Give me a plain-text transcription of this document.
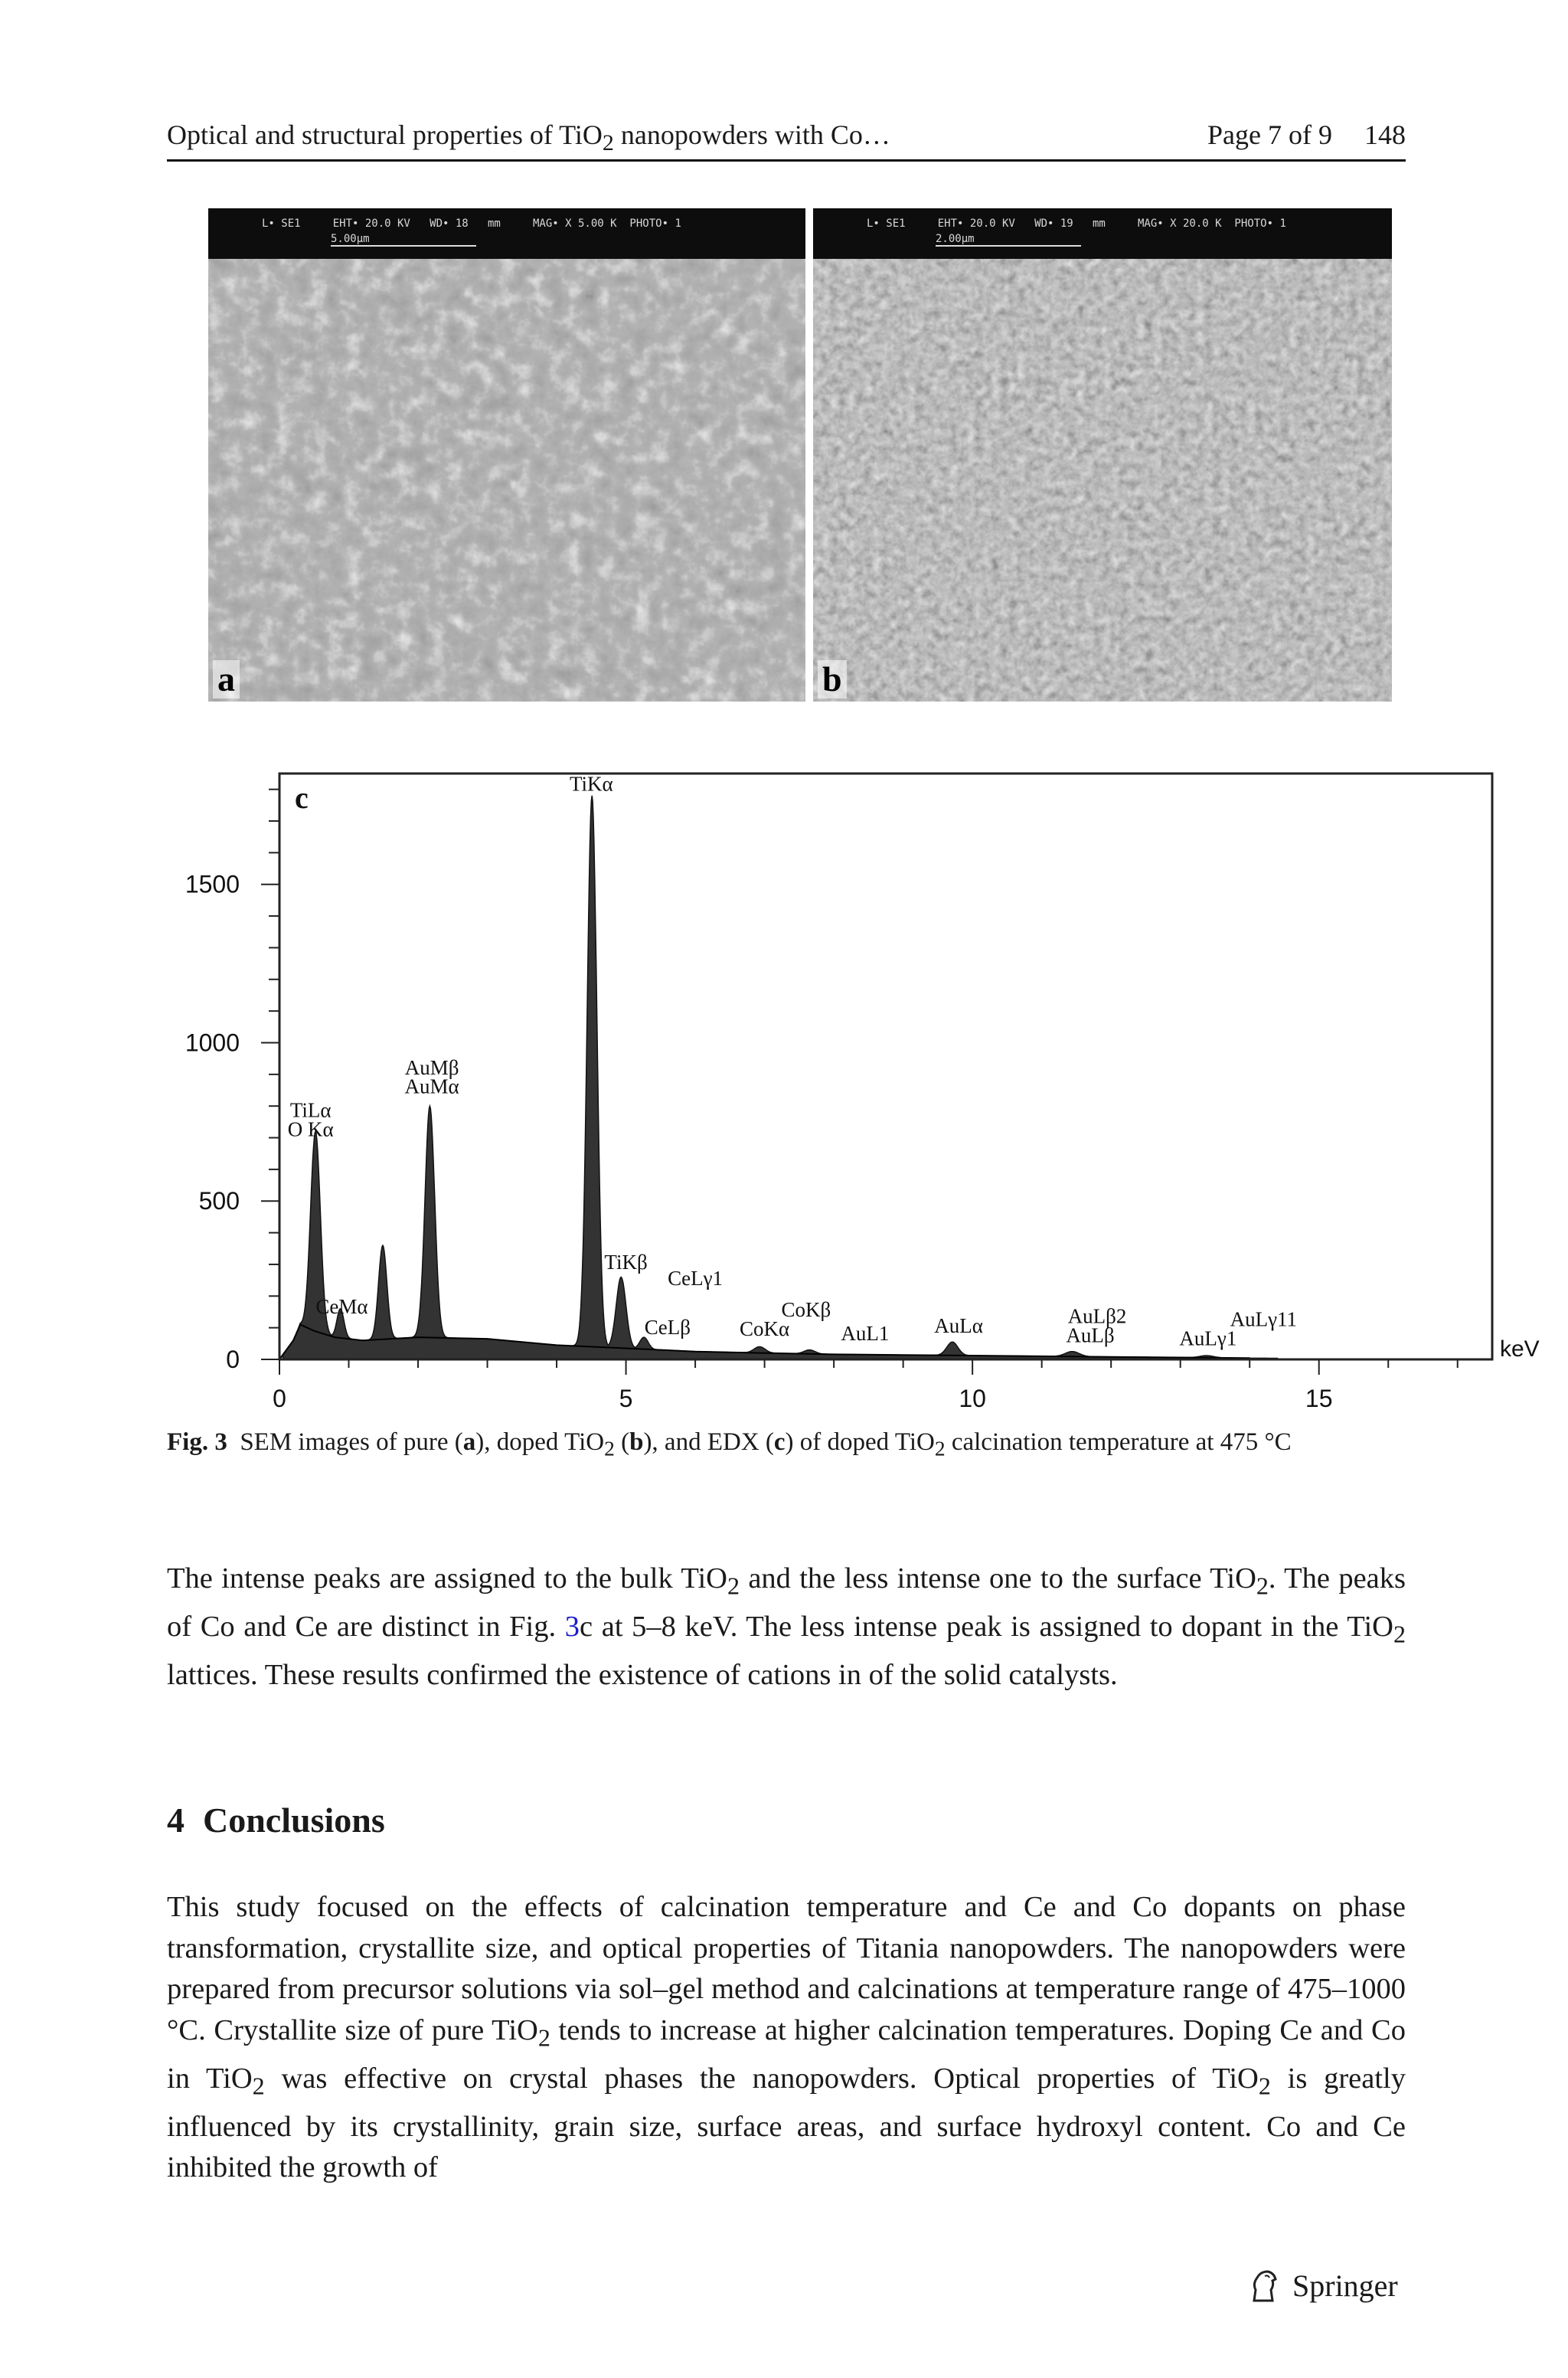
Optical and structural properties of TiO$_2$ nanopowders with Co…	Page 7 of 9 148
L• SE1     EHT• 20.0 KV   WD• 18   mm     MAG• X 5.00 K  PHOTO• 1
5.00µm
a
L• SE1     EHT• 20.0 KV   WD• 19   mm     MAG• X 20.0 K  PHOTO• 1
2.00µm
b
0
500
1000
1500
0	5	10	15
keV
TiKα
AuMβ
AuMα
TiLα
O Kα
CeMα
TiKβ
CeLγ1
CeLβ
CoKβ
CoKα AuL1 AuLα	AuLβ2
AuLβ
AuLγ11
AuLγ1
c
Fig. 3 SEM images of pure (a), doped TiO$_2$ (b), and EDX (c) of doped TiO$_2$ calcination temperature at 475 °C
The intense peaks are assigned to the bulk TiO$_2$ and the less intense one to the surface TiO$_2$. The peaks of Co and Ce are distinct in Fig. 3c at 5–8 keV. The less intense peak is assigned to dopant in the TiO$_2$ lattices. These results confirmed the existence of cations in of the solid catalysts.
4 Conclusions
This study focused on the effects of calcination temperature and Ce and Co dopants on phase transformation, crystallite size, and optical properties of Titania nanopowders. The nanopowders were prepared from precursor solutions via sol–gel method and calcinations at temperature range of 475–1000 °C. Crystallite size of pure TiO$_2$ tends to increase at higher calcination temperatures. Doping Ce and Co in TiO$_2$ was effective on crystal phases the nanopowders. Optical properties of TiO$_2$ is greatly influenced by its crystallinity, grain size, surface areas, and surface hydroxyl content. Co and Ce inhibited the growth of
Springer
